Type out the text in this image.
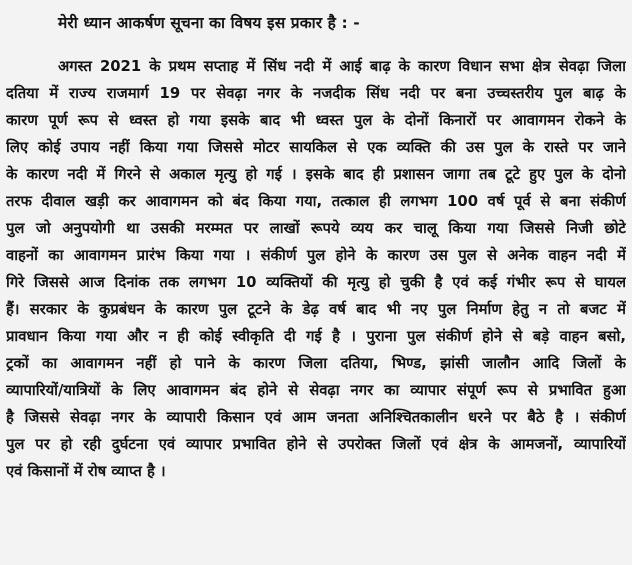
मेरी ध्यान आकर्षण सूचना का विषय इस प्रकार है : -
अगस्त 2021 के प्रथम सप्ताह में सिंध नदी में आई बाढ़ के कारण विधान सभा क्षेत्र सेवढ़ा जिला
दतिया में राज्य राजमार्ग 19 पर सेवढ़ा नगर के नजदीक सिंध नदी पर बना उच्चस्तरीय पुल बाढ़ के
कारण पूर्ण रूप से ध्वस्त हो गया इसके बाद भी ध्वस्त पुल के दोनों किनारों पर आवागमन रोकने के
लिए कोई उपाय नहीं किया गया जिससे मोटर सायकिल से एक व्यक्ति की उस पुल के रास्ते पर जाने
के कारण नदी में गिरने से अकाल मृत्यु हो गई । इसके बाद ही प्रशासन जागा तब टूटे हुए पुल के दोनो
तरफ दीवाल खड़ी कर आवागमन को बंद किया गया, तत्काल ही लगभग 100 वर्ष पूर्व से बना संकीर्ण
पुल जो अनुपयोगी था उसकी मरम्मत पर लाखों रूपये व्यय कर चालू किया गया जिससे निजी छोटे
वाहनों का आवागमन प्रारंभ किया गया । संकीर्ण पुल होने के कारण उस पुल से अनेक वाहन नदी में
गिरे जिससे आज दिनांक तक लगभग 10 व्यक्तियों की मृत्यु हो चुकी है एवं कई गंभीर रूप से घायल
हैं। सरकार के कुप्रबंधन के कारण पुल टूटने के डेढ़ वर्ष बाद भी नए पुल निर्माण हेतु न तो बजट में
प्रावधान किया गया और न ही कोई स्वीकृति दी गई है । पुराना पुल संकीर्ण होने से बड़े वाहन बसो,
ट्रकों का आवागमन नहीं हो पाने के कारण जिला दतिया, भिण्ड, झांसी जालौन आदि जिलों के
व्यापारियों/यात्रियों के लिए आवागमन बंद होने से सेवढ़ा नगर का व्यापार संपूर्ण रूप से प्रभावित हुआ
है जिससे सेवढ़ा नगर के व्यापारी किसान एवं आम जनता अनिश्चितकालीन धरने पर बैठे है । संकीर्ण
पुल पर हो रही दुर्घटना एवं व्यापार प्रभावित होने से उपरोक्त जिलों एवं क्षेत्र के आमजनों, व्यापारियों
एवं किसानों में रोष व्याप्त है ।
